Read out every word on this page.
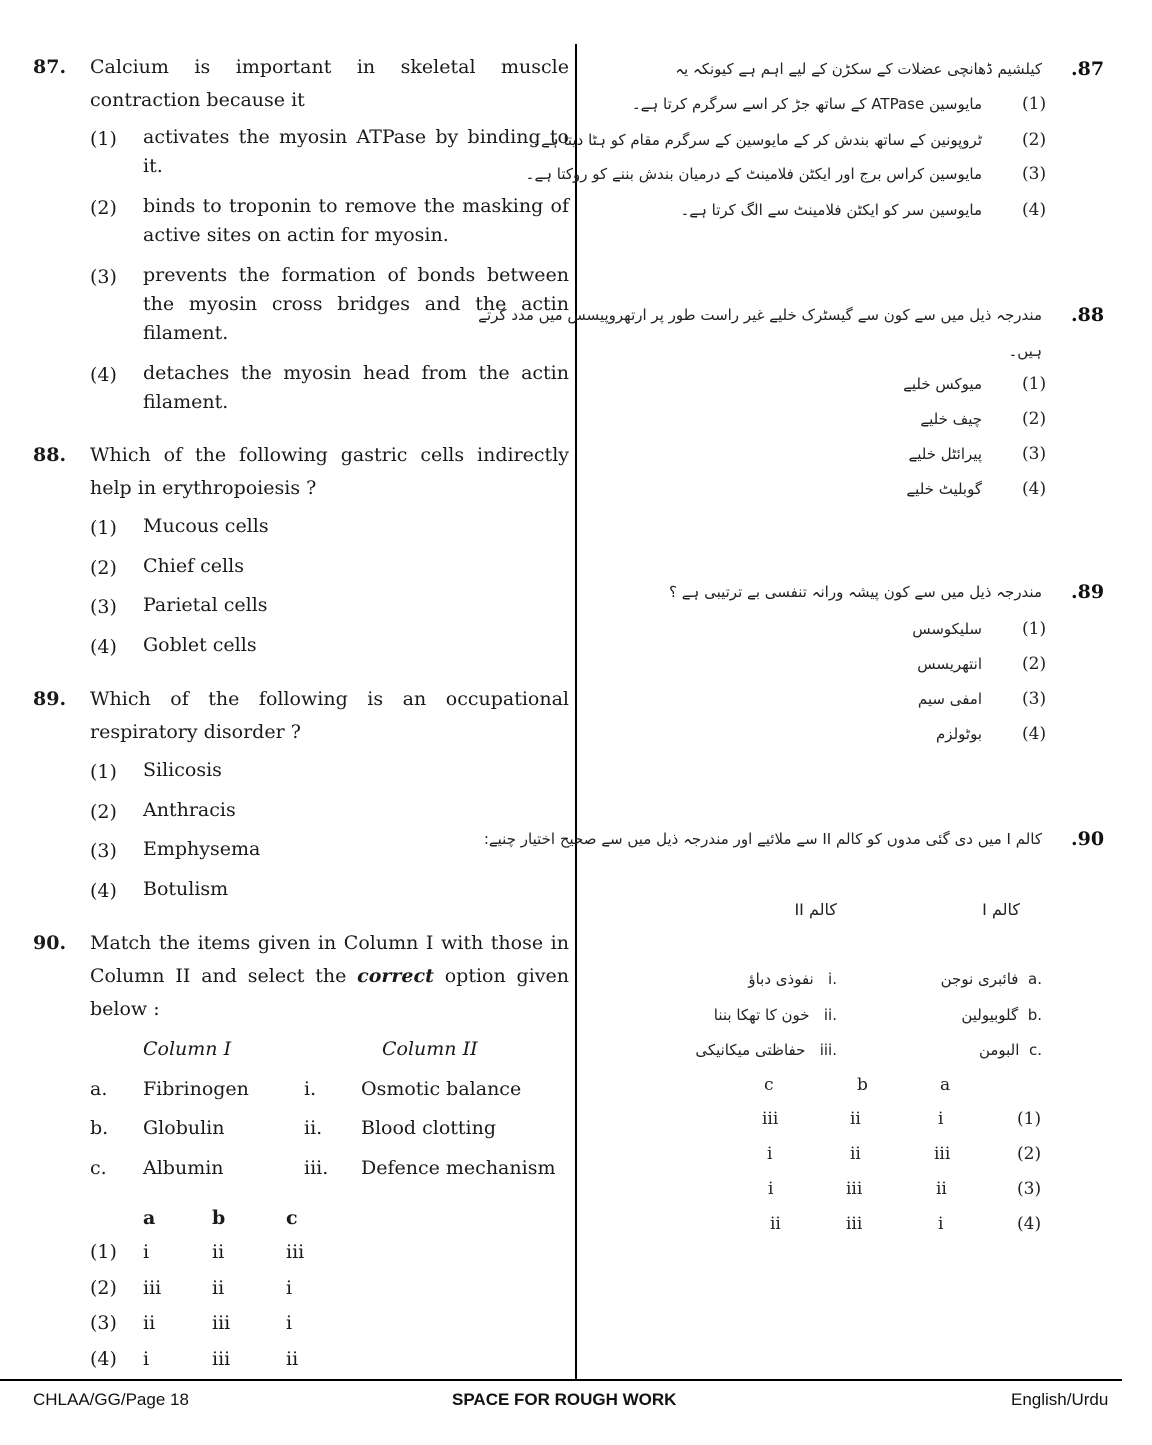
87. Calcium is important in skeletal muscle contraction because it
(1) activates the myosin ATPase by binding to it.
(2) binds to troponin to remove the masking of active sites on actin for myosin.
(3) prevents the formation of bonds between the myosin cross bridges and the actin filament.
(4) detaches the myosin head from the actin filament.
88. Which of the following gastric cells indirectly help in erythropoiesis ?
(1) Mucous cells
(2) Chief cells
(3) Parietal cells
(4) Goblet cells
89. Which of the following is an occupational respiratory disorder ?
(1) Silicosis
(2) Anthracis
(3) Emphysema
(4) Botulism
90. Match the items given in Column I with those in Column II and select the correct option given below :
Column I	Column II
a. Fibrinogen	i. Osmotic balance
b. Globulin	ii. Blood clotting
c. Albumin	iii. Defence mechanism
a	b	c
(1) i	ii	iii
(2) iii	ii	i
(3) ii	iii	i
(4) i	iii	ii
.87
کیلشیم ڈھانچی عضلات کے سکڑن کے لیے اہم ہے کیونکہ یہ
(1)
مایوسین ATPase کے ساتھ جڑ کر اسے سرگرم کرتا ہے۔
(2)
ٹروپونین کے ساتھ بندش کر کے مایوسین کے سرگرم مقام کو ہٹا دیتا ہے۔
(3)
مایوسین کراس برج اور ایکٹن فلامینٹ کے درمیان بندش بننے کو روکتا ہے۔
(4)
مایوسین سر کو ایکٹن فلامینٹ سے الگ کرتا ہے۔
.88
مندرجہ ذیل میں سے کون سے گیسٹرک خلیے غیر راست طور پر ارتھروپیسس میں مدد کرتے
ہیں۔
(1)
میوکس خلیے
(2)
چیف خلیے
(3)
پیرائٹل خلیے
(4)
گوبلیٹ خلیے
.89
مندرجہ ذیل میں سے کون پیشہ ورانہ تنفسی بے ترتیبی ہے ؟
(1)
سلیکوسس
(2)
انتھریسس
(3)
امفی سیم
(4)
بوٹولزم
.90
کالم I میں دی گئی مدوں کو کالم II سے ملائیے اور مندرجہ ذیل میں سے صحیح اختیار چنیے:
کالم II	کالم I
.i   نفوذی دباؤ	.a  فائبری نوجن
.ii   خون کا تھکا بننا	.b  گلوبیولین
.iii   حفاظتی میکانیکی	.c  البومن
c	b	a
iii	ii	i	(1)
i	ii	iii	(2)
i	iii	ii	(3)
ii	iii	i	(4)
CHLAA/GG/Page 18	SPACE FOR ROUGH WORK	English/Urdu
